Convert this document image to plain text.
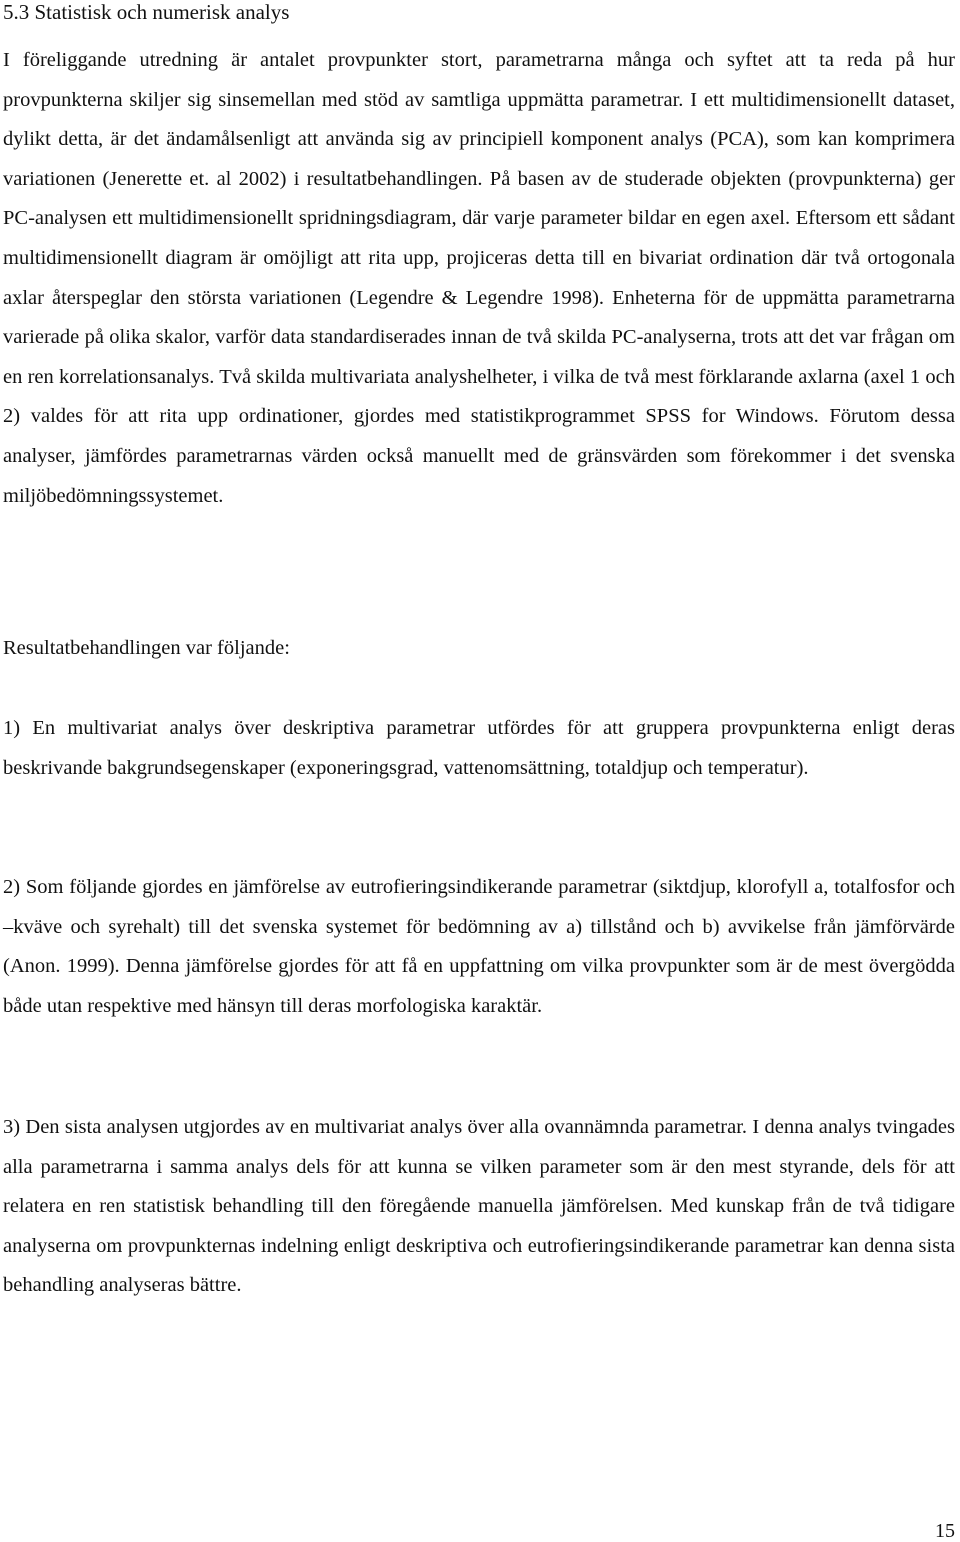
5.3 Statistisk och numerisk analys

I föreliggande utredning är antalet provpunkter stort, parametrarna många och syftet att ta reda på hur provpunkterna skiljer sig sinsemellan med stöd av samtliga uppmätta parametrar. I ett multidimensionellt dataset, dylikt detta, är det ändamålsenligt att använda sig av principiell komponent analys (PCA), som kan komprimera variationen (Jenerette et. al 2002) i resultatbehandlingen. På basen av de studerade objekten (provpunkterna) ger PC-analysen ett multidimensionellt spridningsdiagram, där varje parameter bildar en egen axel. Eftersom ett sådant multidimensionellt diagram är omöjligt att rita upp, projiceras detta till en bivariat ordination där två ortogonala axlar återspeglar den största variationen (Legendre & Legendre 1998). Enheterna för de uppmätta parametrarna varierade på olika skalor, varför data standardiserades innan de två skilda PC-analyserna, trots att det var frågan om en ren korrelationsanalys. Två skilda multivariata analyshelheter, i vilka de två mest förklarande axlarna (axel 1 och 2) valdes för att rita upp ordinationer, gjordes med statistikprogrammet SPSS for Windows. Förutom dessa analyser, jämfördes parametrarnas värden också manuellt med de gränsvärden som förekommer i det svenska miljöbedömningssystemet.

Resultatbehandlingen var följande:

1) En multivariat analys över deskriptiva parametrar utfördes för att gruppera provpunkterna enligt deras beskrivande bakgrundsegenskaper (exponeringsgrad, vattenomsättning, totaldjup och temperatur).

2) Som följande gjordes en jämförelse av eutrofieringsindikerande parametrar (siktdjup, klorofyll a, totalfosfor och –kväve och syrehalt) till det svenska systemet för bedömning av a) tillstånd och b) avvikelse från jämförvärde (Anon. 1999). Denna jämförelse gjordes för att få en uppfattning om vilka provpunkter som är de mest övergödda både utan respektive med hänsyn till deras morfologiska karaktär.

3) Den sista analysen utgjordes av en multivariat analys över alla ovannämnda parametrar. I denna analys tvingades alla parametrarna i samma analys dels för att kunna se vilken parameter som är den mest styrande, dels för att relatera en ren statistisk behandling till den föregående manuella jämförelsen. Med kunskap från de två tidigare analyserna om provpunkternas indelning enligt deskriptiva och eutrofieringsindikerande parametrar kan denna sista behandling analyseras bättre.

15
